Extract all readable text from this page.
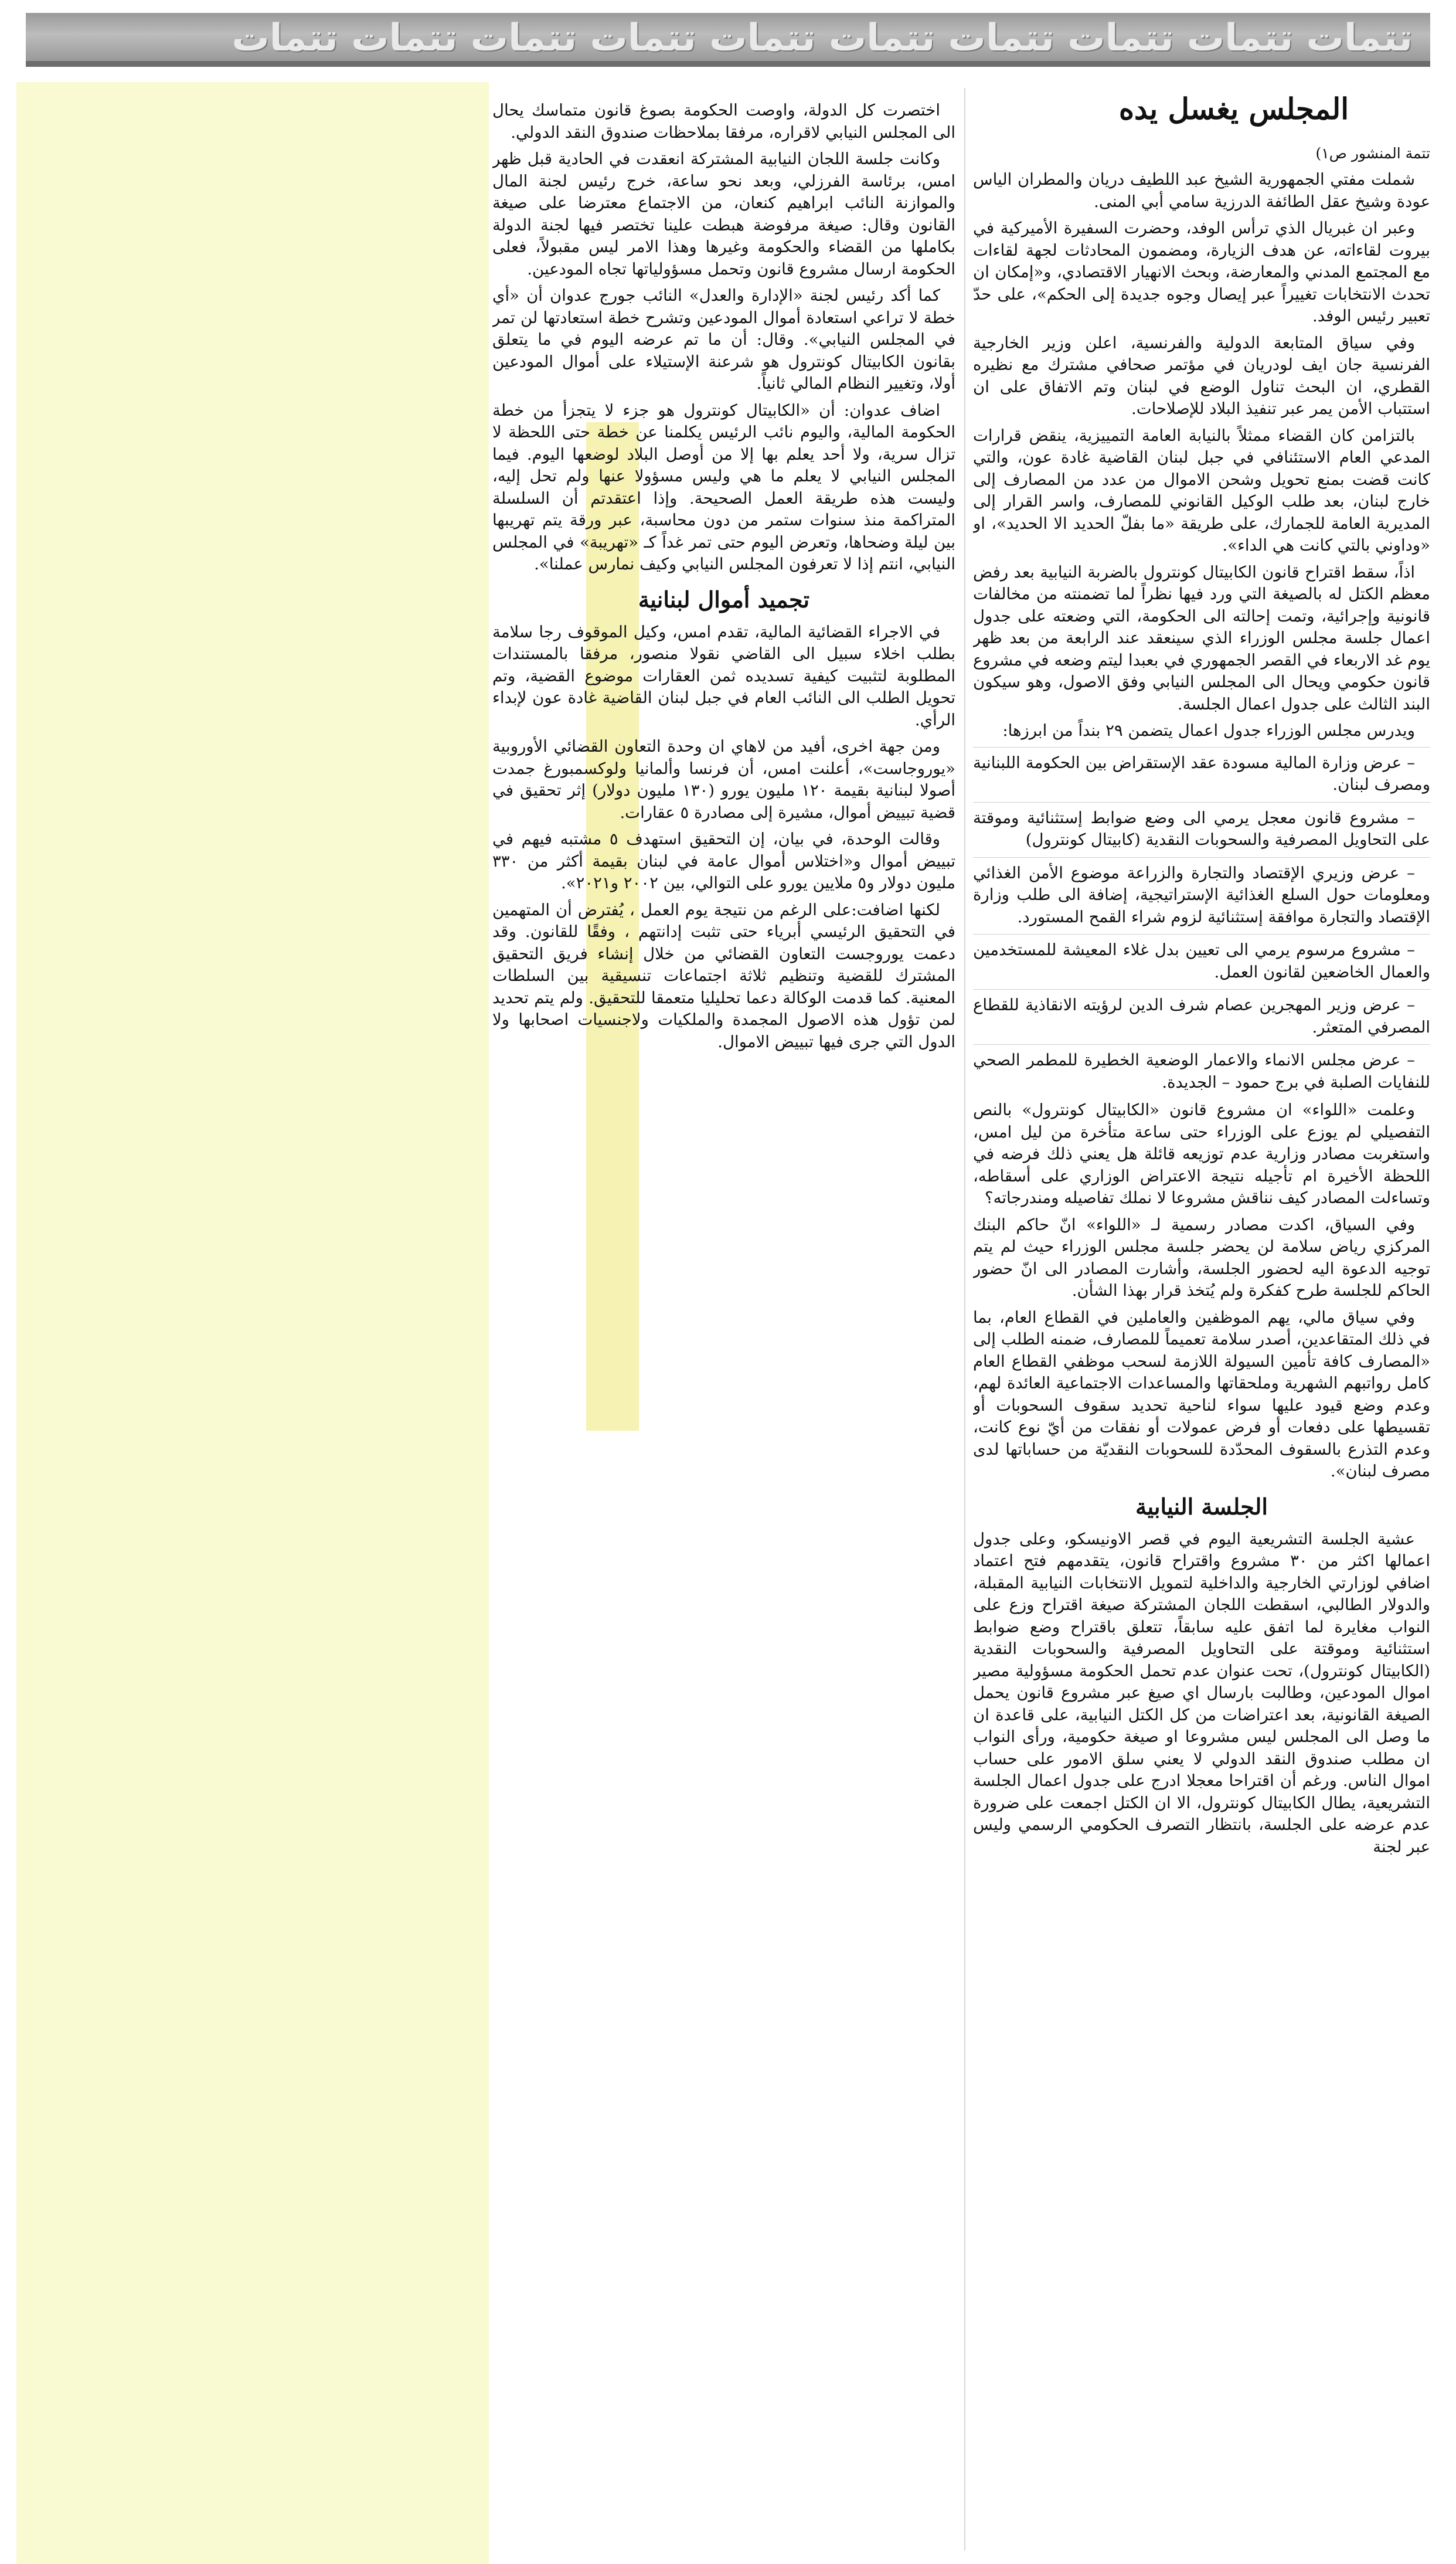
تتمات تتمات تتمات تتمات تتمات تتمات تتمات تتمات تتمات تتمات
المجلس يغسل يده

تتمة المنشور ص١)

شملت مفتي الجمهورية الشيخ عبد اللطيف دريان والمطران الياس عودة وشيخ عقل الطائفة الدرزية سامي أبي المنى.

وعبر ان غبريال الذي ترأس الوفد، وحضرت السفيرة الأميركية في بيروت لقاءاته، عن هدف الزيارة، ومضمون المحادثات لجهة لقاءات مع المجتمع المدني والمعارضة، وبحث الانهيار الاقتصادي، و«إمكان ان تحدث الانتخابات تغييراً عبر إيصال وجوه جديدة إلى الحكم»، على حدّ تعبير رئيس الوفد.

وفي سياق المتابعة الدولية والفرنسية، اعلن وزير الخارجية الفرنسية جان ايف لودريان في مؤتمر صحافي مشترك مع نظيره القطري، ان البحث تناول الوضع في لبنان وتم الاتفاق على ان استتباب الأمن يمر عبر تنفيذ البلاد للإصلاحات.

بالتزامن كان القضاء ممثلاً بالنيابة العامة التمييزية، ينقض قرارات المدعي العام الاستئنافي في جبل لبنان القاضية غادة عون، والتي كانت قضت بمنع تحويل وشحن الاموال من عدد من المصارف إلى خارج لبنان، بعد طلب الوكيل القانوني للمصارف، واسر القرار إلى المديرية العامة للجمارك، على طريقة «ما بفلّ الحديد الا الحديد»، او «وداوني بالتي كانت هي الداء».

اذاً، سقط اقتراح قانون الكابيتال كونترول بالضربة النيابية بعد رفض معظم الكتل له بالصيغة التي ورد فيها نظراً لما تضمنته من مخالفات قانونية وإجرائية، وتمت إحالته الى الحكومة، التي وضعته على جدول اعمال جلسة مجلس الوزراء الذي سينعقد عند الرابعة من بعد ظهر يوم غد الاربعاء في القصر الجمهوري في بعبدا ليتم وضعه في مشروع قانون حكومي ويحال الى المجلس النيابي وفق الاصول، وهو سيكون البند الثالث على جدول اعمال الجلسة.

ويدرس مجلس الوزراء جدول اعمال يتضمن ٢٩ بنداً من ابرزها:

– عرض وزارة المالية مسودة عقد الإستقراض بين الحكومة اللبنانية ومصرف لبنان.

– مشروع قانون معجل يرمي الى وضع ضوابط إستثنائية وموقتة على التحاويل المصرفية والسحوبات النقدية (كابيتال كونترول)

– عرض وزيري الإقتصاد والتجارة والزراعة موضوع الأمن الغذائي ومعلومات حول السلع الغذائية الإستراتيجية، إضافة الى طلب وزارة الإقتصاد والتجارة موافقة إستثنائية لزوم شراء القمح المستورد.

– مشروع مرسوم يرمي الى تعيين بدل غلاء المعيشة للمستخدمين والعمال الخاضعين لقانون العمل.

– عرض وزير المهجرين عصام شرف الدين لرؤيته الانقاذية للقطاع المصرفي المتعثر.

– عرض مجلس الانماء والاعمار الوضعية الخطيرة للمطمر الصحي للنفايات الصلبة في برج حمود – الجديدة.

وعلمت «اللواء» ان مشروع قانون «الكابيتال كونترول» بالنص التفصيلي لم يوزع على الوزراء حتى ساعة متأخرة من ليل امس، واستغربت مصادر وزارية عدم توزيعه قائلة هل يعني ذلك فرضه في اللحظة الأخيرة ام تأجيله نتيجة الاعتراض الوزاري على أسقاطه، وتساءلت المصادر كيف نناقش مشروعا لا نملك تفاصيله ومندرجاته؟

وفي السياق، اكدت مصادر رسمية لـ «اللواء» انّ حاكم البنك المركزي رياض سلامة لن يحضر جلسة مجلس الوزراء حيث لم يتم توجيه الدعوة اليه لحضور الجلسة، وأشارت المصادر الى انّ حضور الحاكم للجلسة طرح كفكرة ولم يُتخذ قرار بهذا الشأن.

وفي سياق مالي، يهم الموظفين والعاملين في القطاع العام، بما في ذلك المتقاعدين، أصدر سلامة تعميماً للمصارف، ضمنه الطلب إلى «المصارف كافة تأمين السيولة اللازمة لسحب موظفي القطاع العام كامل رواتبهم الشهرية وملحقاتها والمساعدات الاجتماعية العائدة لهم، وعدم وضع قيود عليها سواء لناحية تحديد سقوف السحوبات أو تقسيطها على دفعات أو فرض عمولات أو نفقات من أيّ نوع كانت، وعدم التذرع بالسقوف المحدّدة للسحوبات النقديّة من حساباتها لدى مصرف لبنان».

الجلسة النيابية

عشية الجلسة التشريعية اليوم في قصر الاونيسكو، وعلى جدول اعمالها اكثر من ٣٠ مشروع واقتراح قانون، يتقدمهم فتح اعتماد اضافي لوزارتي الخارجية والداخلية لتمويل الانتخابات النيابية المقبلة، والدولار الطالبي، اسقطت اللجان المشتركة صيغة اقتراح وزع على النواب مغايرة لما اتفق عليه سابقاً، تتعلق باقتراح وضع ضوابط استثنائية وموقتة على التحاويل المصرفية والسحوبات النقدية (الكابيتال كونترول)، تحت عنوان عدم تحمل الحكومة مسؤولية مصير اموال المودعين، وطالبت بارسال اي صيغ عبر مشروع قانون يحمل الصيغة القانونية، بعد اعتراضات من كل الكتل النيابية، على قاعدة ان ما وصل الى المجلس ليس مشروعا او صيغة حكومية، ورأى النواب ان مطلب صندوق النقد الدولي لا يعني سلق الامور على حساب اموال الناس. ورغم أن اقتراحا معجلا ادرج على جدول اعمال الجلسة التشريعية، يطال الكابيتال كونترول، الا ان الكتل اجمعت على ضرورة عدم عرضه على الجلسة، بانتظار التصرف الحكومي الرسمي وليس عبر لجنة

اختصرت كل الدولة، واوصت الحكومة بصوغ قانون متماسك يحال الى المجلس النيابي لاقراره، مرفقا بملاحظات صندوق النقد الدولي.

وكانت جلسة اللجان النيابية المشتركة انعقدت في الحادية قبل ظهر امس، برئاسة الفرزلي، وبعد نحو ساعة، خرج رئيس لجنة المال والموازنة النائب ابراهيم كنعان، من الاجتماع معترضا على صيغة القانون وقال: صيغة مرفوضة هبطت علينا تختصر فيها لجنة الدولة بكاملها من القضاء والحكومة وغيرها وهذا الامر ليس مقبولاً، فعلى الحكومة ارسال مشروع قانون وتحمل مسؤولياتها تجاه المودعين.

كما أكد رئيس لجنة «الإدارة والعدل» النائب جورج عدوان أن «أي خطة لا تراعي استعادة أموال المودعين وتشرح خطة استعادتها لن تمر في المجلس النيابي». وقال: أن ما تم عرضه اليوم في ما يتعلق بقانون الكابيتال كونترول هو شرعنة الإستيلاء على أموال المودعين أولا، وتغيير النظام المالي ثانياً.

اضاف عدوان: أن «الكابيتال كونترول هو جزء لا يتجزأ من خطة الحكومة المالية، واليوم نائب الرئيس يكلمنا عن خطة حتى اللحظة لا تزال سرية، ولا أحد يعلم بها إلا من أوصل البلاد لوضعها اليوم. فيما المجلس النيابي لا يعلم ما هي وليس مسؤولا عنها ولم تحل إليه، وليست هذه طريقة العمل الصحيحة. وإذا اعتقدتم أن السلسلة المتراكمة منذ سنوات ستمر من دون محاسبة، عبر ورقة يتم تهريبها بين ليلة وضحاها، وتعرض اليوم حتى تمر غداً كـ «تهريبة» في المجلس النيابي، انتم إذا لا تعرفون المجلس النيابي وكيف نمارس عملنا».

تجميد أموال لبنانية

في الاجراء القضائية المالية، تقدم امس، وكيل الموقوف رجا سلامة بطلب اخلاء سبيل الى القاضي نقولا منصور، مرفقا بالمستندات المطلوبة لتثبيت كيفية تسديده ثمن العقارات موضوع القضية، وتم تحويل الطلب الى النائب العام في جبل لبنان القاضية غادة عون لإبداء الرأي.

ومن جهة اخرى، أفيد من لاهاي ان وحدة التعاون القضائي الأوروبية «يوروجاست»، أعلنت امس، أن فرنسا وألمانيا ولوكسمبورغ جمدت أصولا لبنانية بقيمة ١٢٠ مليون يورو (١٣٠ مليون دولار) إثر تحقيق في قضية تبييض أموال، مشيرة إلى مصادرة ٥ عقارات.

وقالت الوحدة، في بيان، إن التحقيق استهدف ٥ مشتبه فيهم في تبييض أموال و«اختلاس أموال عامة في لبنان بقيمة أكثر من ٣٣٠ مليون دولار و٥ ملايين يورو على التوالي، بين ٢٠٠٢ و٢٠٢١».

لكنها اضافت:على الرغم من نتيجة يوم العمل ، يُفترض أن المتهمين في التحقيق الرئيسي أبرياء حتى تثبت إدانتهم ، وفقًا للقانون. وقد دعمت يوروجست التعاون القضائي من خلال إنشاء فريق التحقيق المشترك للقضية وتنظيم ثلاثة اجتماعات تنسيقية بين السلطات المعنية. كما قدمت الوكالة دعما تحليليا متعمقا للتحقيق. ولم يتم تحديد لمن تؤول هذه الاصول المجمدة والملكيات ولاجنسيات اصحابها ولا الدول التي جرى فيها تبييض الاموال.
